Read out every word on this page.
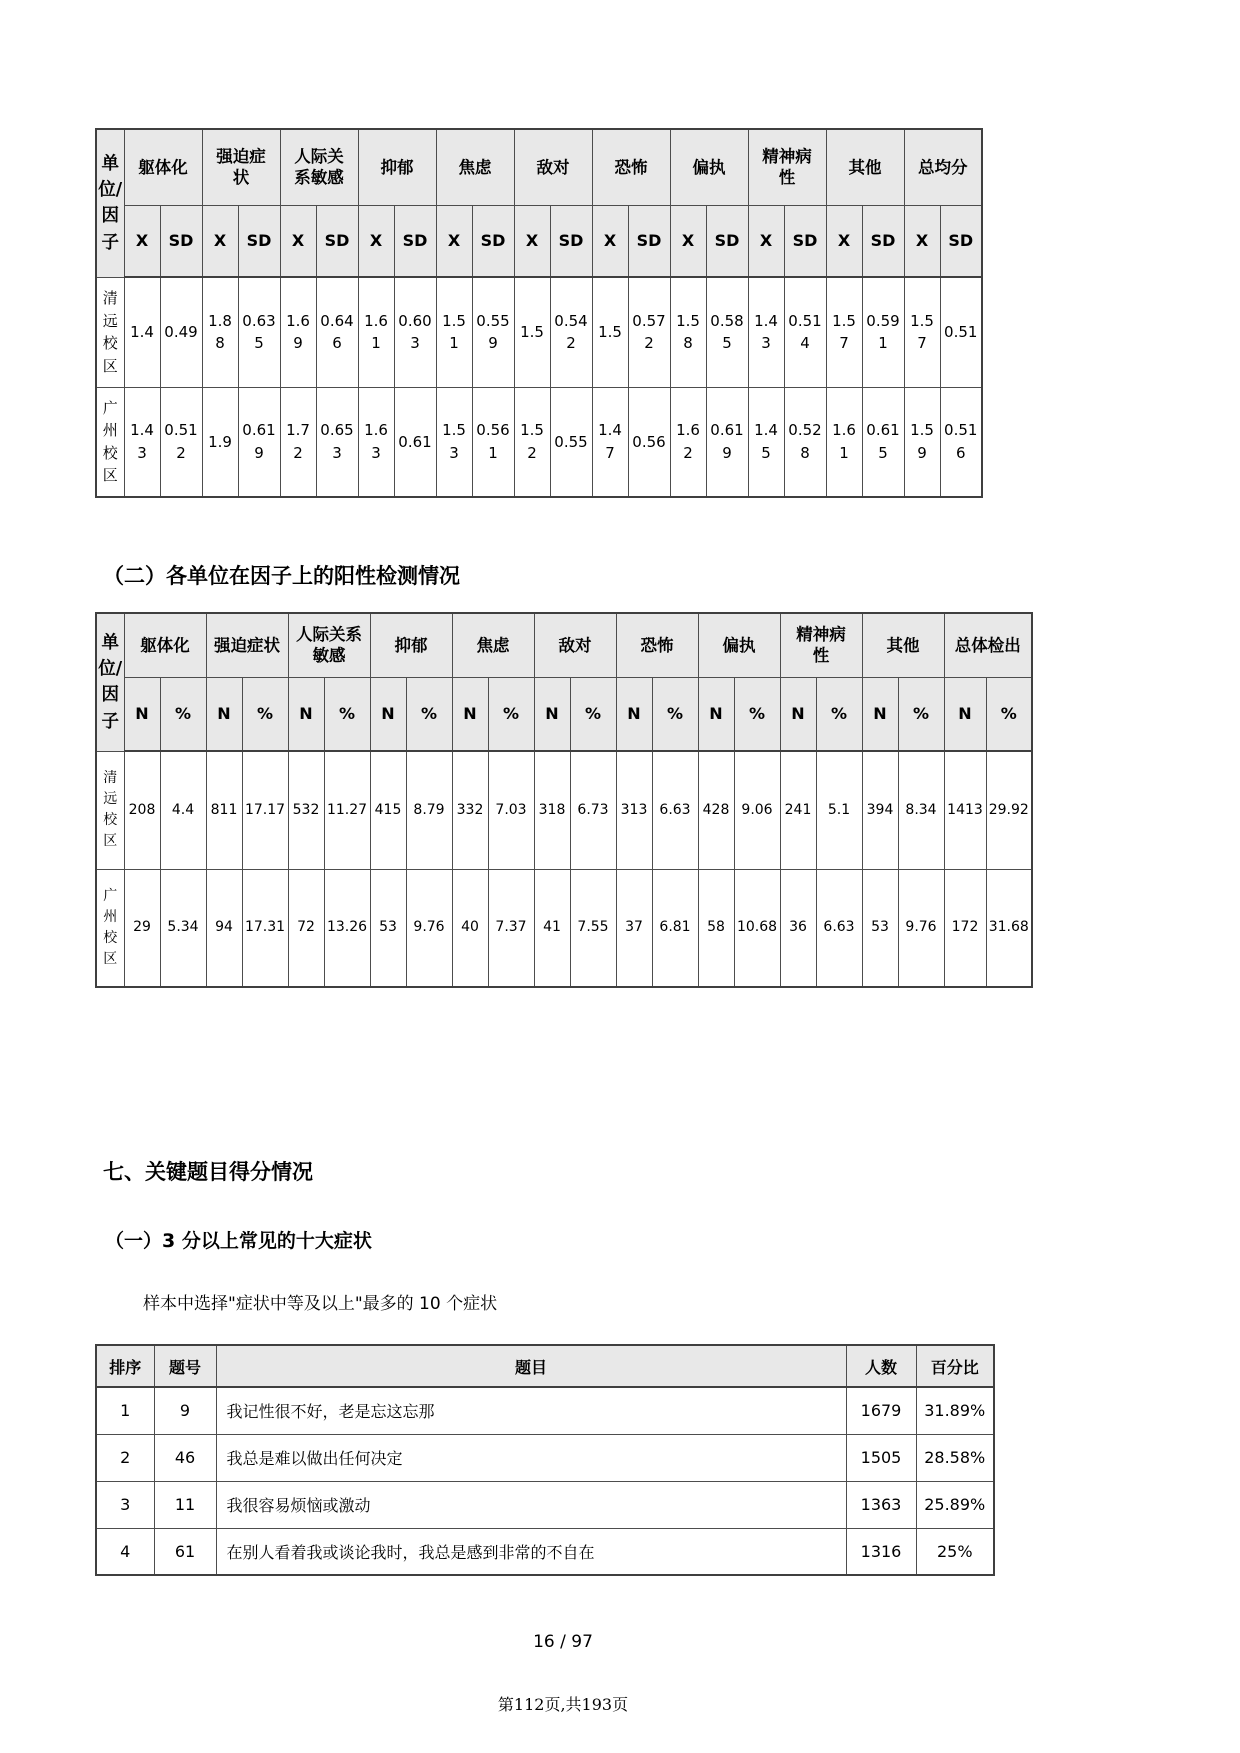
单位/因子	躯体化		强迫症状		人际关系敏感		抑郁		焦虑		敌对		恐怖		偏执		精神病性		其他		总均分	
	X	SD	X	SD	X	SD	X	SD	X	SD	X	SD	X	SD	X	SD	X	SD	X	SD	X	SD
清远校区	1.4	0.49	1.88	0.635	1.69	0.646	1.61	0.603	1.51	0.559	1.5	0.542	1.5	0.572	1.58	0.585	1.43	0.514	1.57	0.591	1.57	0.51
广州校区	1.43	0.512	1.9	0.619	1.72	0.653	1.63	0.61	1.53	0.561	1.52	0.55	1.47	0.56	1.62	0.619	1.45	0.528	1.61	0.615	1.59	0.516
（二）各单位在因子上的阳性检测情况
单位/因子	躯体化		强迫症状		人际关系敏感		抑郁		焦虑		敌对		恐怖		偏执		精神病性		其他		总体检出	
	N	%	N	%	N	%	N	%	N	%	N	%	N	%	N	%	N	%	N	%	N	%
清远校区	208	4.4	811	17.17	532	11.27	415	8.79	332	7.03	318	6.73	313	6.63	428	9.06	241	5.1	394	8.34	1413	29.92
广州校区	29	5.34	94	17.31	72	13.26	53	9.76	40	7.37	41	7.55	37	6.81	58	10.68	36	6.63	53	9.76	172	31.68
七、关键题目得分情况
（一）3 分以上常见的十大症状

样本中选择"症状中等及以上"最多的 10 个症状

排序	题号	题目	人数	百分比
1	9	我记性很不好，老是忘这忘那	1679	31.89%
2	46	我总是难以做出任何决定	1505	28.58%
3	11	我很容易烦恼或激动	1363	25.89%
4	61	在别人看着我或谈论我时，我总是感到非常的不自在	1316	25%
16 / 97
第112页,共193页
